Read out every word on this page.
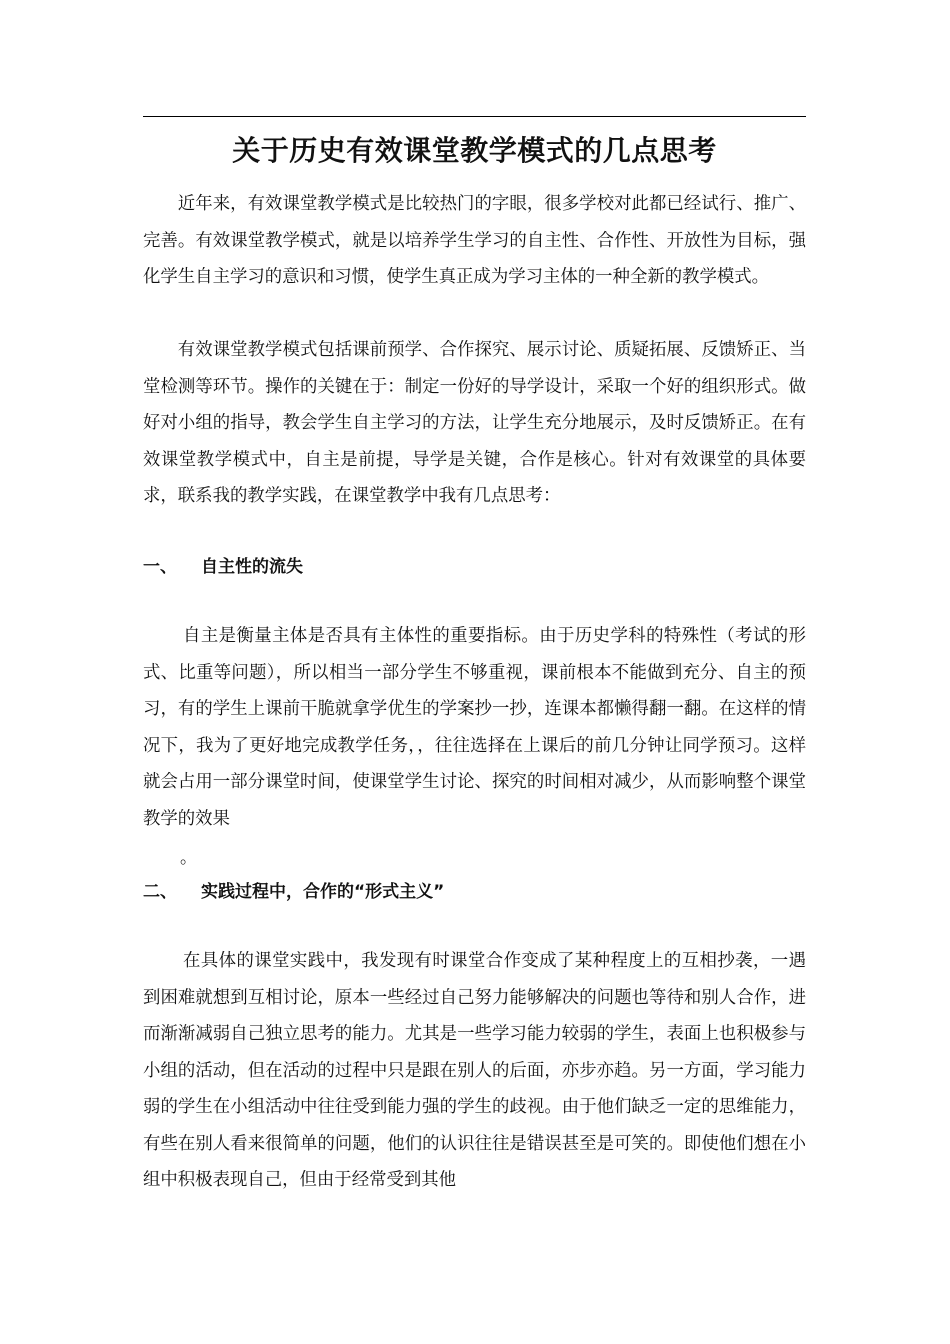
关于历史有效课堂教学模式的几点思考

近年来，有效课堂教学模式是比较热门的字眼，很多学校对此都已经试行、推广、完善。有效课堂教学模式，就是以培养学生学习的自主性、合作性、开放性为目标，强化学生自主学习的意识和习惯，使学生真正成为学习主体的一种全新的教学模式。

有效课堂教学模式包括课前预学、合作探究、展示讨论、质疑拓展、反馈矫正、当堂检测等环节。操作的关键在于：制定一份好的导学设计，采取一个好的组织形式。做好对小组的指导，教会学生自主学习的方法，让学生充分地展示，及时反馈矫正。在有效课堂教学模式中，自主是前提，导学是关键，合作是核心。针对有效课堂的具体要求，联系我的教学实践，在课堂教学中我有几点思考：

一、	自主性的流失

自主是衡量主体是否具有主体性的重要指标。由于历史学科的特殊性（考试的形式、比重等问题），所以相当一部分学生不够重视，课前根本不能做到充分、自主的预习，有的学生上课前干脆就拿学优生的学案抄一抄，连课本都懒得翻一翻。在这样的情况下，我为了更好地完成教学任务，，往往选择在上课后的前几分钟让同学预习。这样就会占用一部分课堂时间，使课堂学生讨论、探究的时间相对减少，从而影响整个课堂教学的效果

。
二、	实践过程中，合作的“形式主义”

在具体的课堂实践中，我发现有时课堂合作变成了某种程度上的互相抄袭，一遇到困难就想到互相讨论，原本一些经过自己努力能够解决的问题也等待和别人合作，进而渐渐减弱自己独立思考的能力。尤其是一些学习能力较弱的学生，表面上也积极参与小组的活动，但在活动的过程中只是跟在别人的后面，亦步亦趋。另一方面，学习能力弱的学生在小组活动中往往受到能力强的学生的歧视。由于他们缺乏一定的思维能力，有些在别人看来很简单的问题，他们的认识往往是错误甚至是可笑的。即使他们想在小组中积极表现自己，但由于经常受到其他
